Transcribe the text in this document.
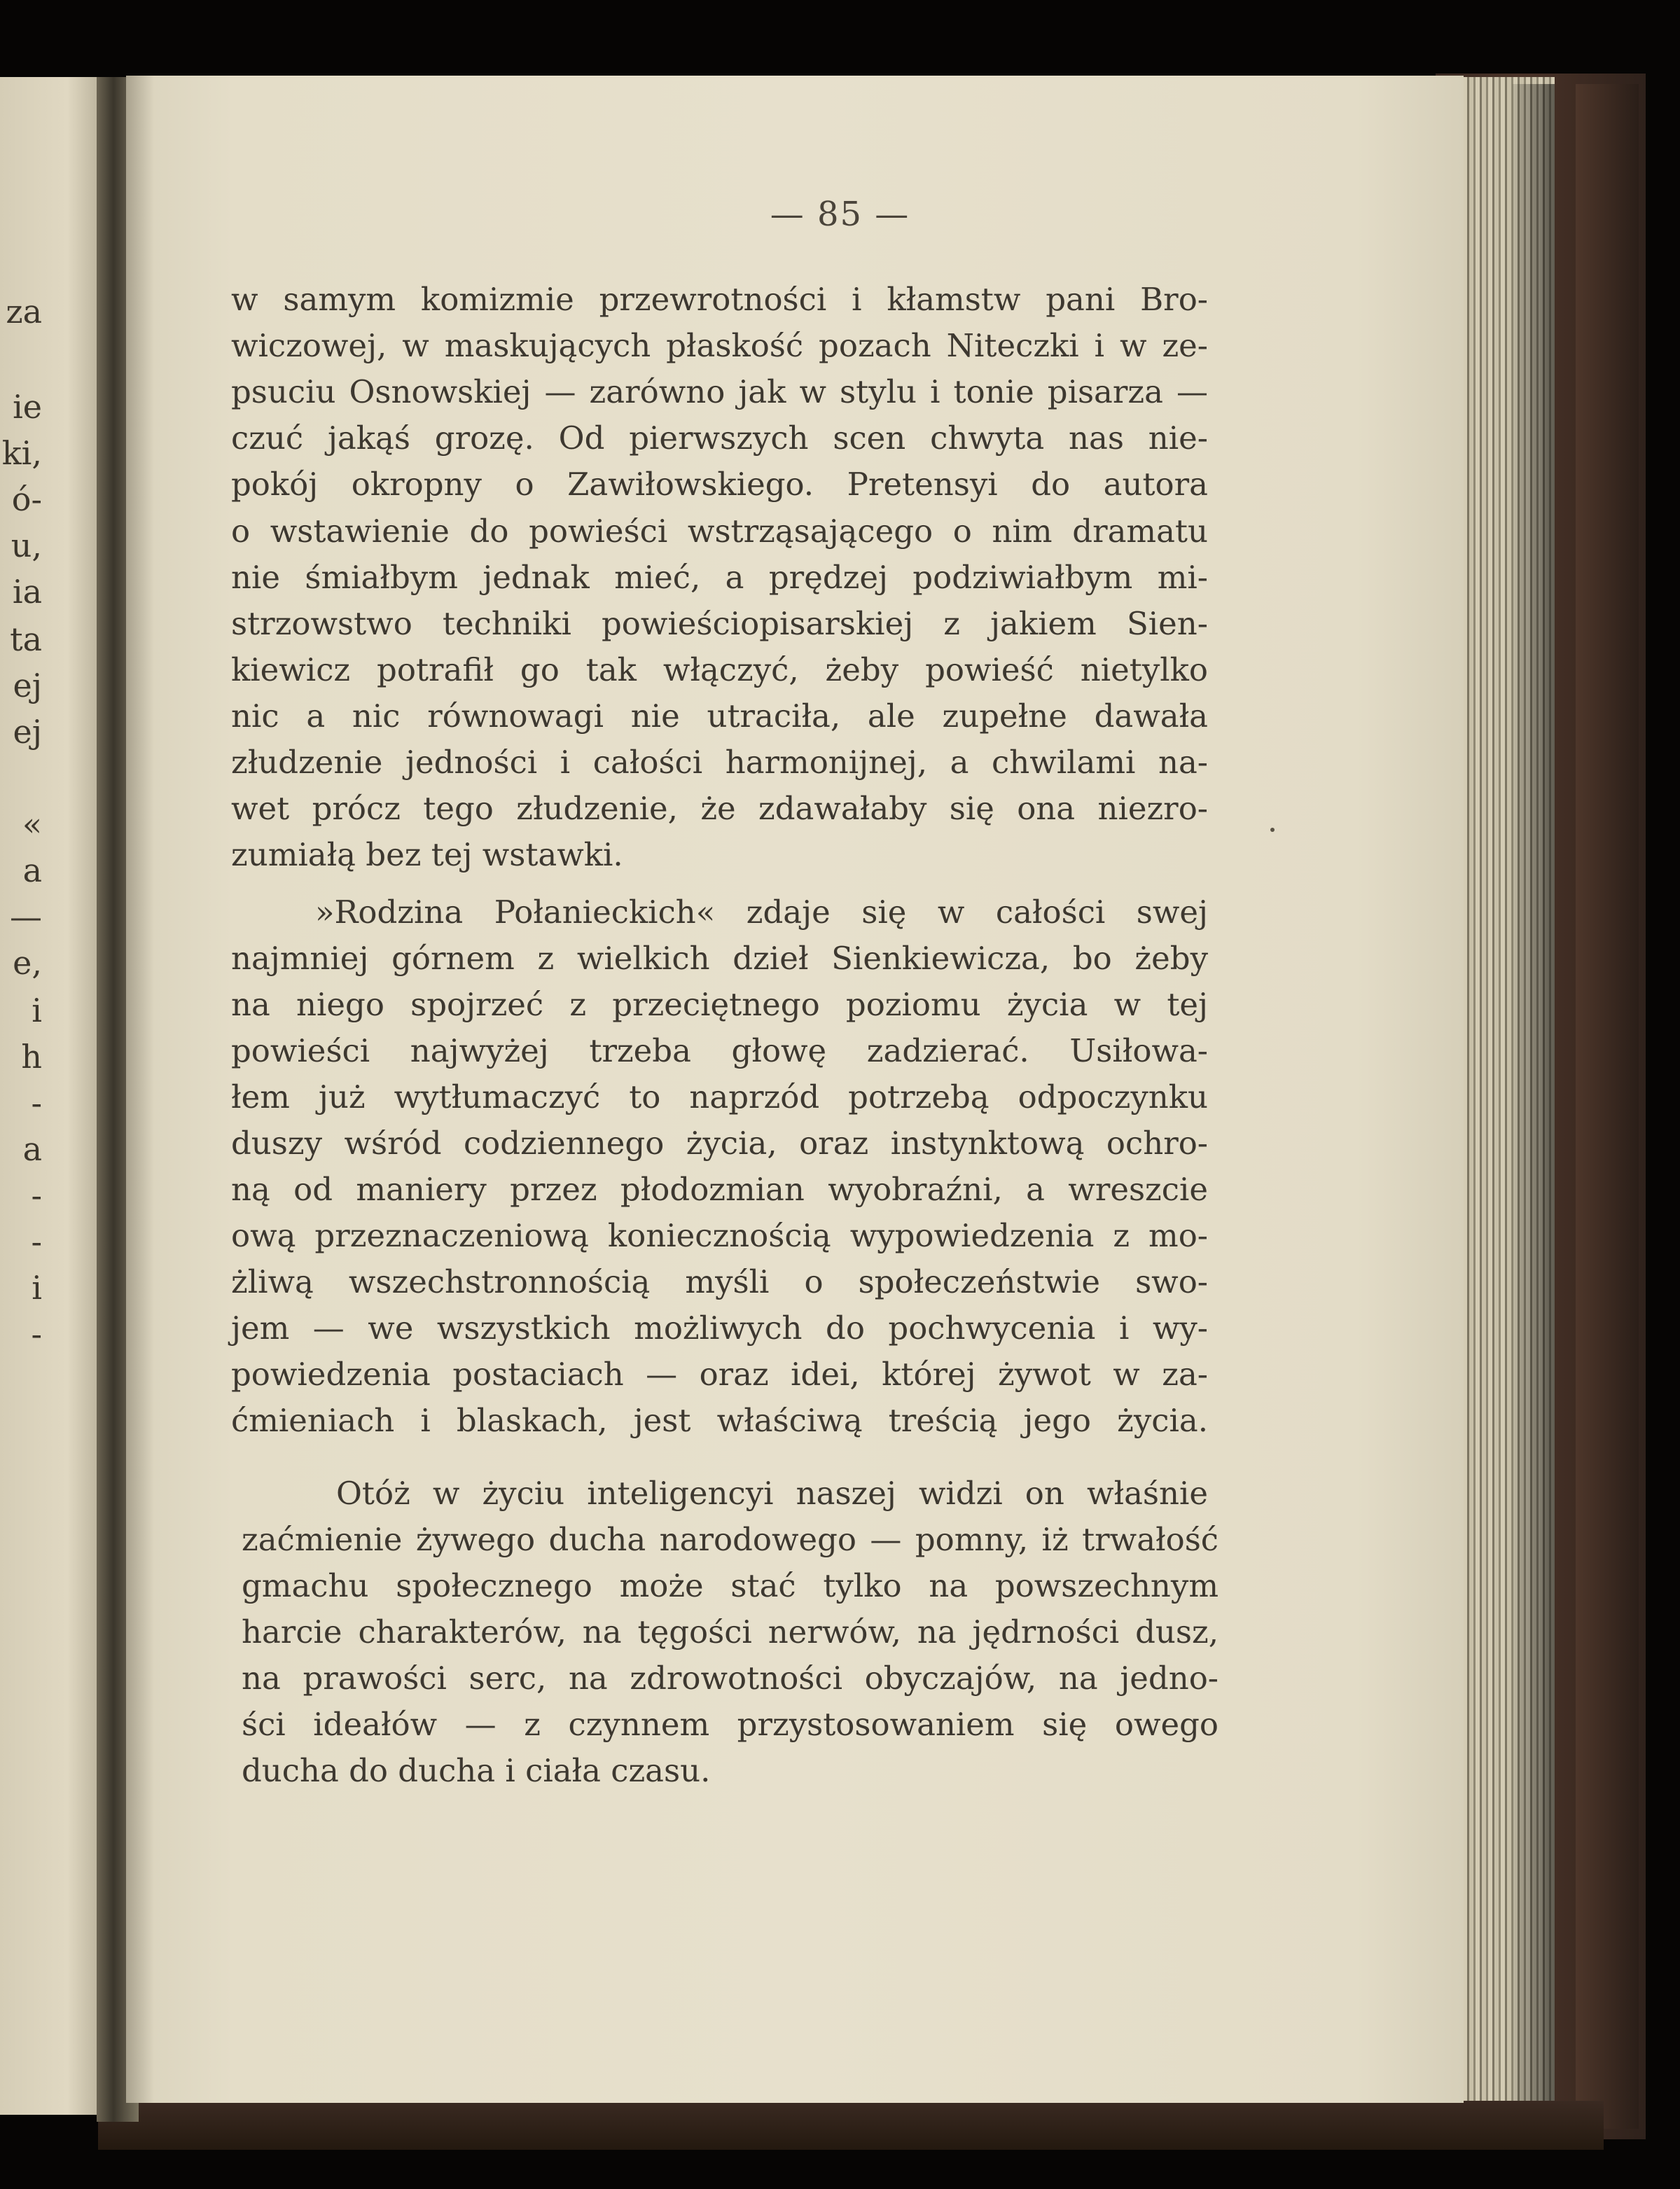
za
ie
ki,
ó-
u,
ia
ta
ej
ej
«
a
—
e,
i
h
-
a
-
-
i
-
— 85 —
w samym komizmie przewrotności i kłamstw pani Bro-
wiczowej, w maskujących płaskość pozach Niteczki i w ze-
psuciu Osnowskiej — zarówno jak w stylu i tonie pisarza —
czuć jakąś grozę. Od pierwszych scen chwyta nas nie-
pokój okropny o Zawiłowskiego. Pretensyi do autora
o wstawienie do powieści wstrząsającego o nim dramatu
nie śmiałbym jednak mieć, a prędzej podziwiałbym mi-
strzowstwo techniki powieściopisarskiej z jakiem Sien-
kiewicz potrafił go tak włączyć, żeby powieść nietylko
nic a nic równowagi nie utraciła, ale zupełne dawała
złudzenie jedności i całości harmonijnej, a chwilami na-
wet prócz tego złudzenie, że zdawałaby się ona niezro-
zumiałą bez tej wstawki.
»Rodzina Połanieckich« zdaje się w całości swej
najmniej górnem z wielkich dzieł Sienkiewicza, bo żeby
na niego spojrzeć z przeciętnego poziomu życia w tej
powieści najwyżej trzeba głowę zadzierać. Usiłowa-
łem już wytłumaczyć to naprzód potrzebą odpoczynku
duszy wśród codziennego życia, oraz instynktową ochro-
ną od maniery przez płodozmian wyobraźni, a wreszcie
ową przeznaczeniową koniecznością wypowiedzenia z mo-
żliwą wszechstronnością myśli o społeczeństwie swo-
jem — we wszystkich możliwych do pochwycenia i wy-
powiedzenia postaciach — oraz idei, której żywot w za-
ćmieniach i blaskach, jest właściwą treścią jego życia.
Otóż w życiu inteligencyi naszej widzi on właśnie
zaćmienie żywego ducha narodowego — pomny, iż trwałość
gmachu społecznego może stać tylko na powszechnym
harcie charakterów, na tęgości nerwów, na jędrności dusz,
na prawości serc, na zdrowotności obyczajów, na jedno-
ści ideałów — z czynnem przystosowaniem się owego
ducha do ducha i ciała czasu.
